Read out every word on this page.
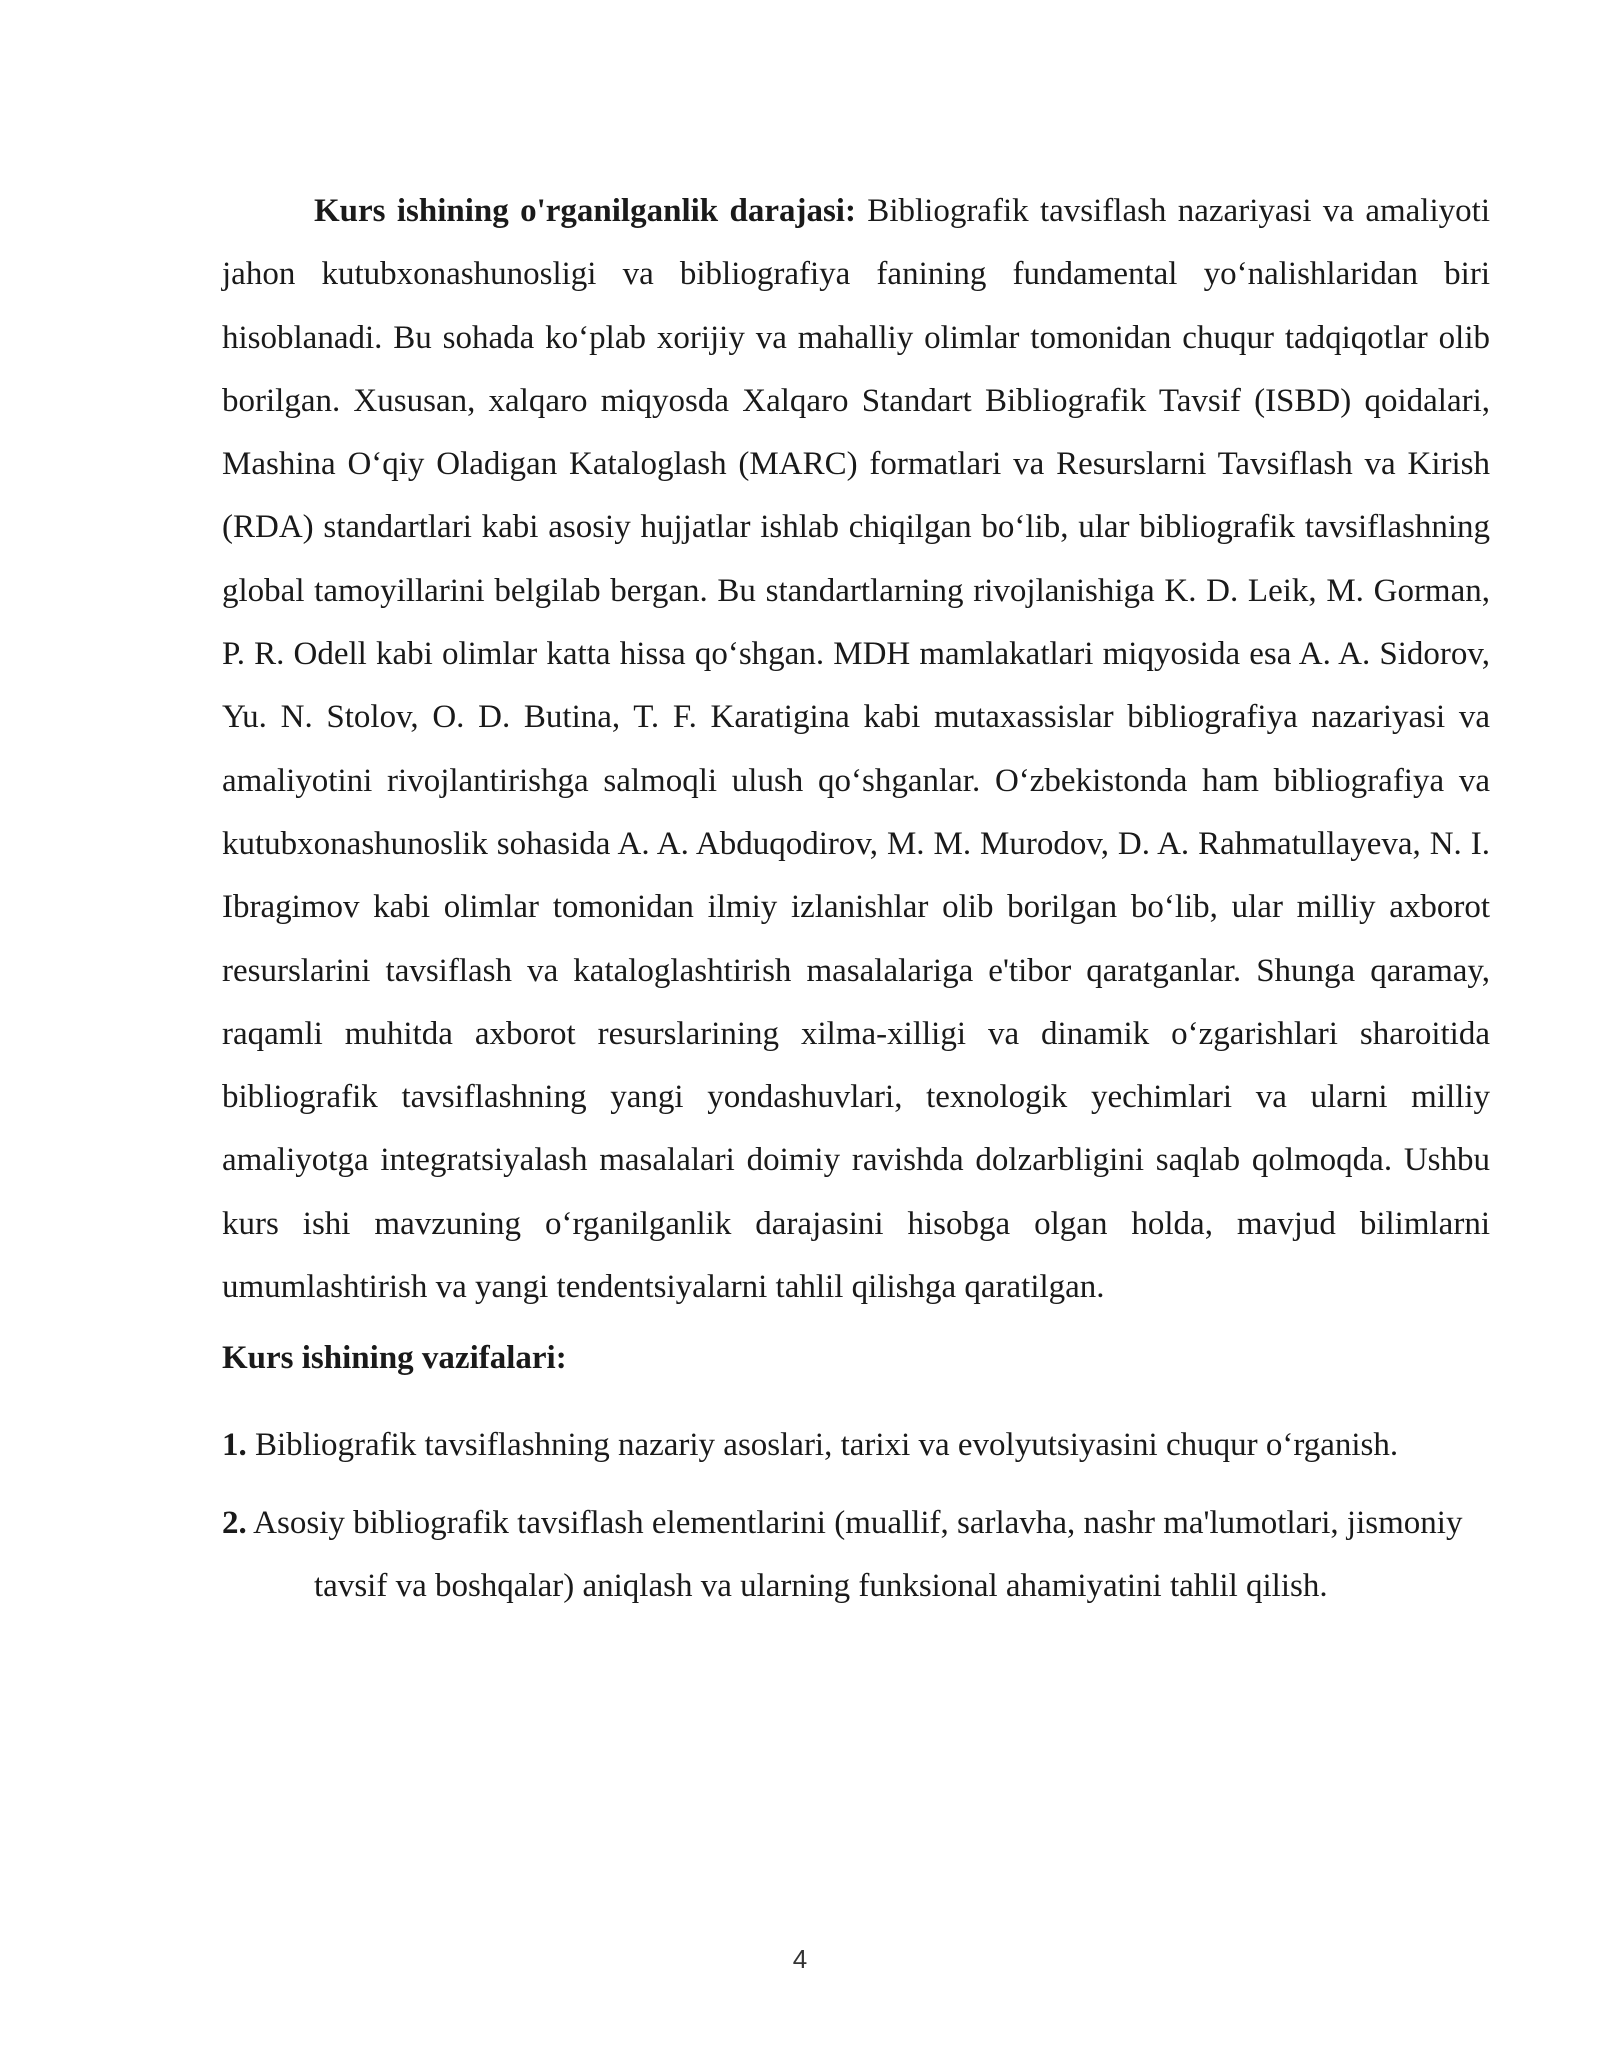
Kurs ishining o'rganilganlik darajasi: Bibliografik tavsiflash nazariyasi va amaliyoti jahon kutubxonashunosligi va bibliografiya fanining fundamental yo‘nalishlaridan biri hisoblanadi. Bu sohada ko‘plab xorijiy va mahalliy olimlar tomonidan chuqur tadqiqotlar olib borilgan. Xususan, xalqaro miqyosda Xalqaro Standart Bibliografik Tavsif (ISBD) qoidalari, Mashina O‘qiy Oladigan Kataloglash (MARC) formatlari va Resurslarni Tavsiflash va Kirish (RDA) standartlari kabi asosiy hujjatlar ishlab chiqilgan bo‘lib, ular bibliografik tavsiflashning global tamoyillarini belgilab bergan. Bu standartlarning rivojlanishiga K. D. Leik, M. Gorman, P. R. Odell kabi olimlar katta hissa qo‘shgan. MDH mamlakatlari miqyosida esa A. A. Sidorov, Yu. N. Stolov, O. D. Butina, T. F. Karatigina kabi mutaxassislar bibliografiya nazariyasi va amaliyotini rivojlantirishga salmoqli ulush qo‘shganlar. O‘zbekistonda ham bibliografiya va kutubxonashunoslik sohasida A. A. Abduqodirov, M. M. Murodov, D. A. Rahmatullayeva, N. I. Ibragimov kabi olimlar tomonidan ilmiy izlanishlar olib borilgan bo‘lib, ular milliy axborot resurslarini tavsiflash va kataloglashtirish masalalariga e'tibor qaratganlar. Shunga qaramay, raqamli muhitda axborot resurslarining xilma-xilligi va dinamik o‘zgarishlari sharoitida bibliografik tavsiflashning yangi yondashuvlari, texnologik yechimlari va ularni milliy amaliyotga integratsiyalash masalalari doimiy ravishda dolzarbligini saqlab qolmoqda. Ushbu kurs ishi mavzuning o‘rganilganlik darajasini hisobga olgan holda, mavjud bilimlarni umumlashtirish va yangi tendentsiyalarni tahlil qilishga qaratilgan.

Kurs ishining vazifalari:
1. Bibliografik tavsiflashning nazariy asoslari, tarixi va evolyutsiyasini chuqur o‘rganish.
2. Asosiy bibliografik tavsiflash elementlarini (muallif, sarlavha, nashr ma'lumotlari, jismoniy tavsif va boshqalar) aniqlash va ularning funksional ahamiyatini tahlil qilish.
4
